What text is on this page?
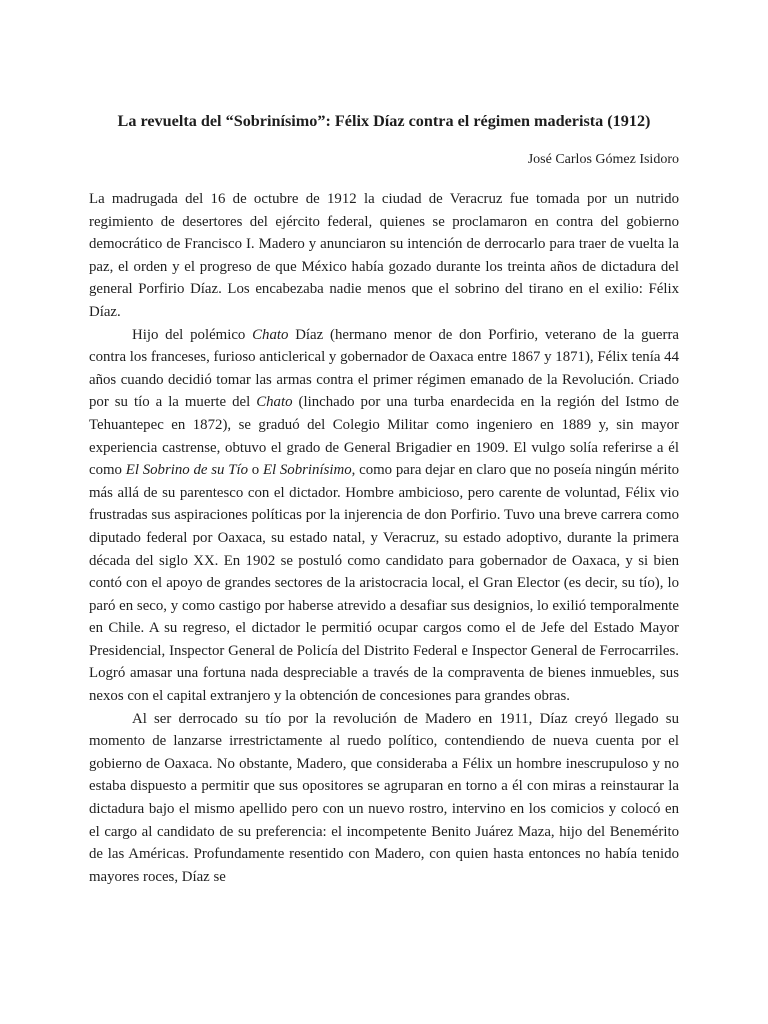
La revuelta del “Sobrinísimo”: Félix Díaz contra el régimen maderista (1912)
José Carlos Gómez Isidoro

La madrugada del 16 de octubre de 1912 la ciudad de Veracruz fue tomada por un nutrido regimiento de desertores del ejército federal, quienes se proclamaron en contra del gobierno democrático de Francisco I. Madero y anunciaron su intención de derrocarlo para traer de vuelta la paz, el orden y el progreso de que México había gozado durante los treinta años de dictadura del general Porfirio Díaz. Los encabezaba nadie menos que el sobrino del tirano en el exilio: Félix Díaz.

Hijo del polémico Chato Díaz (hermano menor de don Porfirio, veterano de la guerra contra los franceses, furioso anticlerical y gobernador de Oaxaca entre 1867 y 1871), Félix tenía 44 años cuando decidió tomar las armas contra el primer régimen emanado de la Revolución. Criado por su tío a la muerte del Chato (linchado por una turba enardecida en la región del Istmo de Tehuantepec en 1872), se graduó del Colegio Militar como ingeniero en 1889 y, sin mayor experiencia castrense, obtuvo el grado de General Brigadier en 1909. El vulgo solía referirse a él como El Sobrino de su Tío o El Sobrinísimo, como para dejar en claro que no poseía ningún mérito más allá de su parentesco con el dictador. Hombre ambicioso, pero carente de voluntad, Félix vio frustradas sus aspiraciones políticas por la injerencia de don Porfirio. Tuvo una breve carrera como diputado federal por Oaxaca, su estado natal, y Veracruz, su estado adoptivo, durante la primera década del siglo XX. En 1902 se postuló como candidato para gobernador de Oaxaca, y si bien contó con el apoyo de grandes sectores de la aristocracia local, el Gran Elector (es decir, su tío), lo paró en seco, y como castigo por haberse atrevido a desafiar sus designios, lo exilió temporalmente en Chile. A su regreso, el dictador le permitió ocupar cargos como el de Jefe del Estado Mayor Presidencial, Inspector General de Policía del Distrito Federal e Inspector General de Ferrocarriles. Logró amasar una fortuna nada despreciable a través de la compraventa de bienes inmuebles, sus nexos con el capital extranjero y la obtención de concesiones para grandes obras.

Al ser derrocado su tío por la revolución de Madero en 1911, Díaz creyó llegado su momento de lanzarse irrestrictamente al ruedo político, contendiendo de nueva cuenta por el gobierno de Oaxaca. No obstante, Madero, que consideraba a Félix un hombre inescrupuloso y no estaba dispuesto a permitir que sus opositores se agruparan en torno a él con miras a reinstaurar la dictadura bajo el mismo apellido pero con un nuevo rostro, intervino en los comicios y colocó en el cargo al candidato de su preferencia: el incompetente Benito Juárez Maza, hijo del Benemérito de las Américas. Profundamente resentido con Madero, con quien hasta entonces no había tenido mayores roces, Díaz se
